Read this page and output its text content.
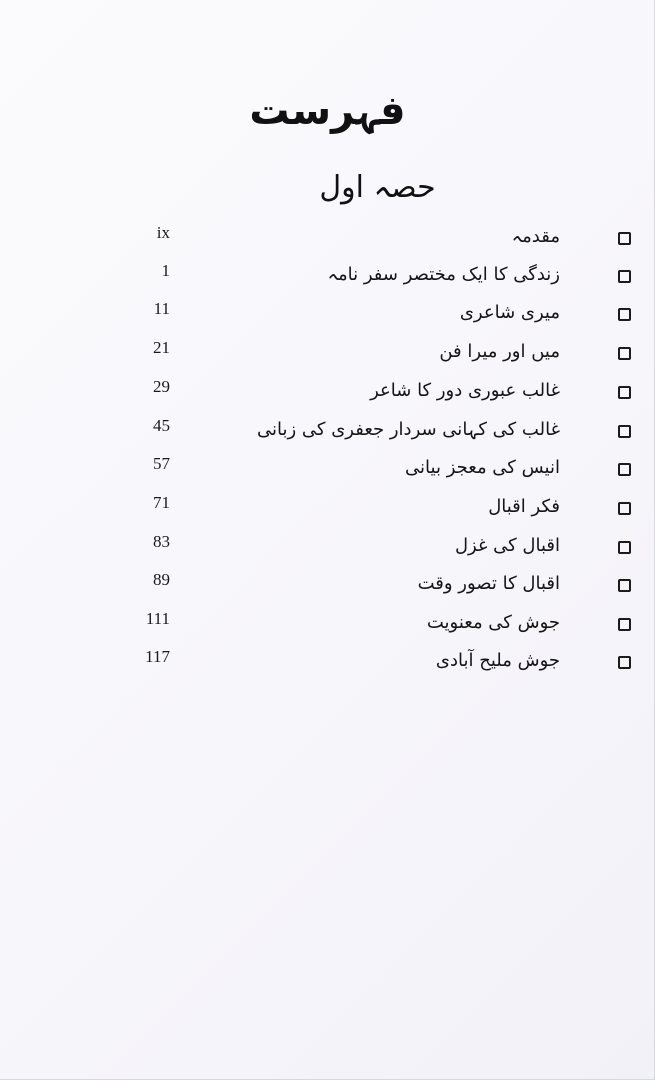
فہرست
حصہ اول
مقدمہ
ix
زندگی کا ایک مختصر سفر نامہ
1
میری شاعری
11
میں اور میرا فن
21
غالب عبوری دور کا شاعر
29
غالب کی کہانی سردار جعفری کی زبانی
45
انیس کی معجز بیانی
57
فکر اقبال
71
اقبال کی غزل
83
اقبال کا تصور وقت
89
جوش کی معنویت
111
جوش ملیح آبادی
117
